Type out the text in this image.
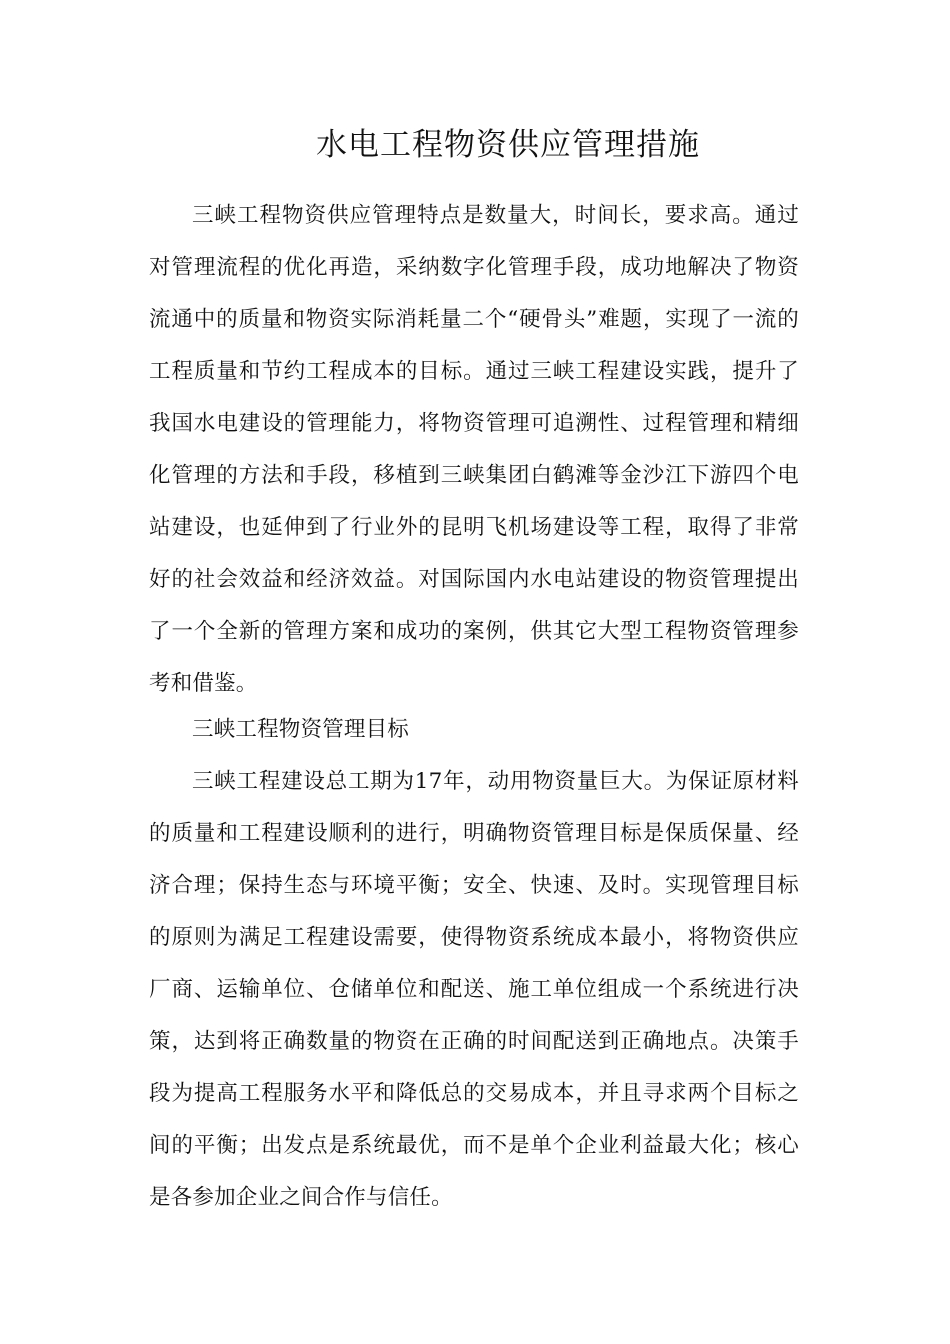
水电工程物资供应管理措施

三峡工程物资供应管理特点是数量大，时间长，要求高。通过对管理流程的优化再造，采纳数字化管理手段，成功地解决了物资流通中的质量和物资实际消耗量二个“硬骨头”难题，实现了一流的工程质量和节约工程成本的目标。通过三峡工程建设实践，提升了我国水电建设的管理能力，将物资管理可追溯性、过程管理和精细化管理的方法和手段，移植到三峡集团白鹤滩等金沙江下游四个电站建设，也延伸到了行业外的昆明飞机场建设等工程，取得了非常好的社会效益和经济效益。对国际国内水电站建设的物资管理提出了一个全新的管理方案和成功的案例，供其它大型工程物资管理参考和借鉴。

三峡工程物资管理目标

三峡工程建设总工期为17年，动用物资量巨大。为保证原材料的质量和工程建设顺利的进行，明确物资管理目标是保质保量、经济合理；保持生态与环境平衡；安全、快速、及时。实现管理目标的原则为满足工程建设需要，使得物资系统成本最小，将物资供应厂商、运输单位、仓储单位和配送、施工单位组成一个系统进行决策，达到将正确数量的物资在正确的时间配送到正确地点。决策手段为提高工程服务水平和降低总的交易成本，并且寻求两个目标之间的平衡；出发点是系统最优，而不是单个企业利益最大化；核心是各参加企业之间合作与信任。
